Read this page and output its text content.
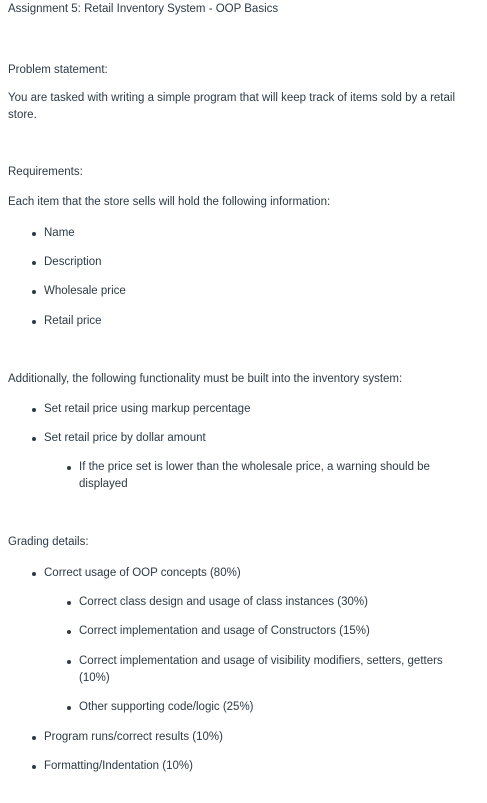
Assignment 5: Retail Inventory System - OOP Basics
Problem statement:
You are tasked with writing a simple program that will keep track of items sold by a retail store.
Requirements:
Each item that the store sells will hold the following information:
Name
Description
Wholesale price
Retail price
Additionally, the following functionality must be built into the inventory system:
Set retail price using markup percentage
Set retail price by dollar amount
If the price set is lower than the wholesale price, a warning should be displayed
Grading details:
Correct usage of OOP concepts (80%)
Correct class design and usage of class instances (30%)
Correct implementation and usage of Constructors (15%)
Correct implementation and usage of visibility modifiers, setters, getters (10%)
Other supporting code/logic (25%)
Program runs/correct results (10%)
Formatting/Indentation (10%)
